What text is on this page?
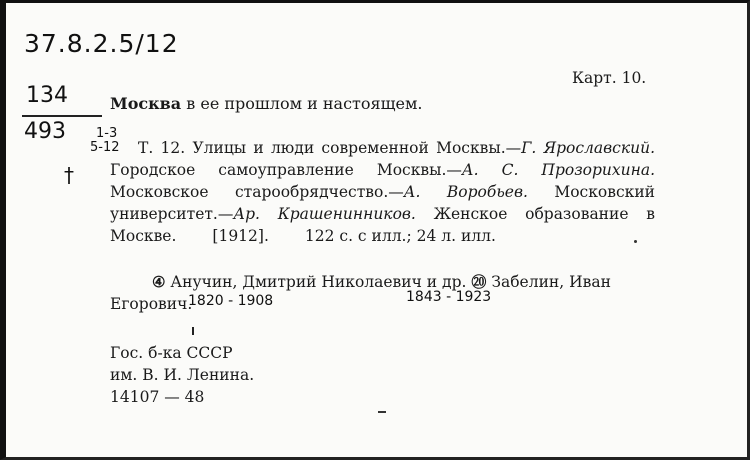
37.8.2.5/12
134
493	1-3
5-12
†
Карт. 10.
Москва в ее прошлом и настоящем.
Т. 12. Улицы и люди современной Москвы.—Г. Ярославский. Городское самоуправление Москвы.—А. С. Прозорихина. Московское старообрядчество.—А. Воробьев. Московский университет.—Ар. Крашенинников. Женское образование в Москве. [1912]. 122 с. с илл.; 24 л. илл.
④ Анучин, Дмитрий Николаевич и др. ⑳ Забелин, Иван
Егорович.
1820 - 1908	1843 - 1923
Гос. б-ка СССР
им. В. И. Ленина.
14107 — 48
